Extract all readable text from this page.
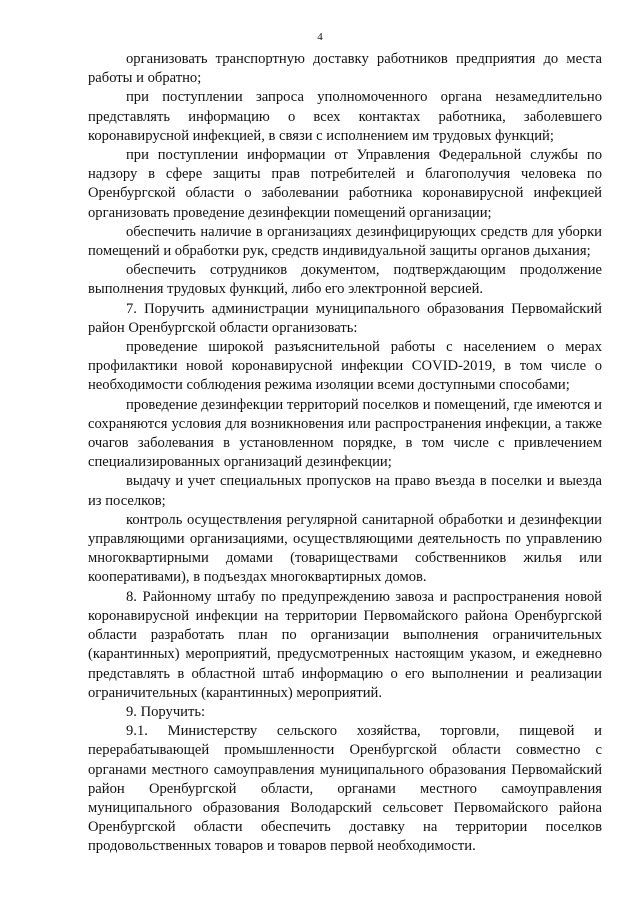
4

организовать транспортную доставку работников предприятия до места работы и обратно;

при поступлении запроса уполномоченного органа незамедлительно представлять информацию о всех контактах работника, заболевшего коронавирусной инфекцией, в связи с исполнением им трудовых функций;

при поступлении информации от Управления Федеральной службы по надзору в сфере защиты прав потребителей и благополучия человека по Оренбургской области о заболевании работника коронавирусной инфекцией организовать проведение дезинфекции помещений организации;

обеспечить наличие в организациях дезинфицирующих средств для уборки помещений и обработки рук, средств индивидуальной защиты органов дыхания;

обеспечить сотрудников документом, подтверждающим продолжение выполнения трудовых функций, либо его электронной версией.

7. Поручить администрации муниципального образования Первомайский район Оренбургской области организовать:

проведение широкой разъяснительной работы с населением о мерах профилактики новой коронавирусной инфекции COVID-2019, в том числе о необходимости соблюдения режима изоляции всеми доступными способами;

проведение дезинфекции территорий поселков и помещений, где имеются и сохраняются условия для возникновения или распространения инфекции, а также очагов заболевания в установленном порядке, в том числе с привлечением специализированных организаций дезинфекции;

выдачу и учет специальных пропусков на право въезда в поселки и выезда из поселков;

контроль осуществления регулярной санитарной обработки и дезинфекции управляющими организациями, осуществляющими деятельность по управлению многоквартирными домами (товариществами собственников жилья или кооперативами), в подъездах многоквартирных домов.

8. Районному штабу по предупреждению завоза и распространения новой коронавирусной инфекции на территории Первомайского района Оренбургской области разработать план по организации выполнения ограничительных (карантинных) мероприятий, предусмотренных настоящим указом, и ежедневно представлять в областной штаб информацию о его выполнении и реализации ограничительных (карантинных) мероприятий.

9. Поручить:

9.1. Министерству сельского хозяйства, торговли, пищевой и перерабатывающей промышленности Оренбургской области совместно с органами местного самоуправления муниципального образования Первомайский район Оренбургской области, органами местного самоуправления муниципального образования Володарский сельсовет Первомайского района Оренбургской области обеспечить доставку на территории поселков продовольственных товаров и товаров первой необходимости.
